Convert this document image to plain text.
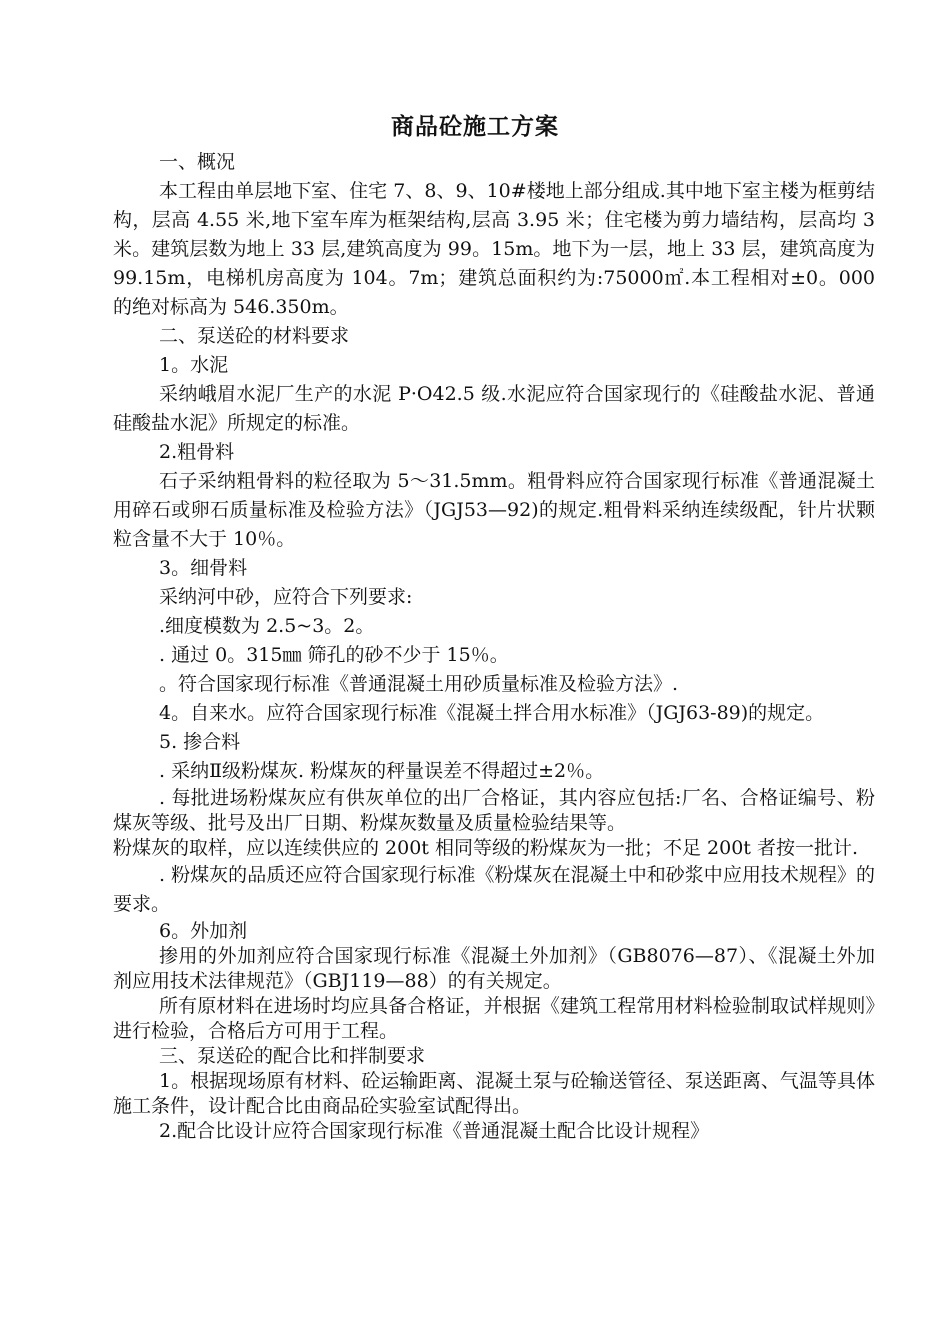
商品砼施工方案

一、概况

本工程由单层地下室、住宅 7、8、9、10#楼地上部分组成.其中地下室主楼为框剪结构，层高 4.55 米,地下室车库为框架结构,层高 3.95 米；住宅楼为剪力墙结构，层高均 3 米。建筑层数为地上 33 层,建筑高度为 99。15m。地下为一层，地上 33 层，建筑高度为 99.15m，电梯机房高度为 104。7m；建筑总面积约为:75000㎡.本工程相对±0。000 的绝对标高为 546.350m。

二、泵送砼的材料要求

1。水泥

采纳峨眉水泥厂生产的水泥 P·O42.5 级.水泥应符合国家现行的《硅酸盐水泥、普通硅酸盐水泥》所规定的标准。

2.粗骨料

石子采纳粗骨料的粒径取为 5～31.5mm。粗骨料应符合国家现行标准《普通混凝土用碎石或卵石质量标准及检验方法》（JGJ53—92)的规定.粗骨料采纳连续级配，针片状颗粒含量不大于 10％。

3。细骨料

采纳河中砂，应符合下列要求:

.细度模数为 2.5~3。2。

. 通过 0。315㎜ 筛孔的砂不少于 15％。

。符合国家现行标准《普通混凝土用砂质量标准及检验方法》.

4。自来水。应符合国家现行标准《混凝土拌合用水标准》（JGJ63-89)的规定。

5. 掺合料

. 采纳Ⅱ级粉煤灰. 粉煤灰的秤量误差不得超过±2％。

. 每批进场粉煤灰应有供灰单位的出厂合格证，其内容应包括:厂名、合格证编号、粉煤灰等级、批号及出厂日期、粉煤灰数量及质量检验结果等。

粉煤灰的取样，应以连续供应的 200t 相同等级的粉煤灰为一批；不足 200t 者按一批计.

. 粉煤灰的品质还应符合国家现行标准《粉煤灰在混凝土中和砂浆中应用技术规程》的要求。

6。外加剂

掺用的外加剂应符合国家现行标准《混凝土外加剂》（GB8076—87）、《混凝土外加剂应用技术法律规范》（GBJ119—88）的有关规定。

所有原材料在进场时均应具备合格证，并根据《建筑工程常用材料检验制取试样规则》进行检验，合格后方可用于工程。

三、泵送砼的配合比和拌制要求

1。根据现场原有材料、砼运输距离、混凝土泵与砼输送管径、泵送距离、气温等具体施工条件，设计配合比由商品砼实验室试配得出。

2.配合比设计应符合国家现行标准《普通混凝土配合比设计规程》
